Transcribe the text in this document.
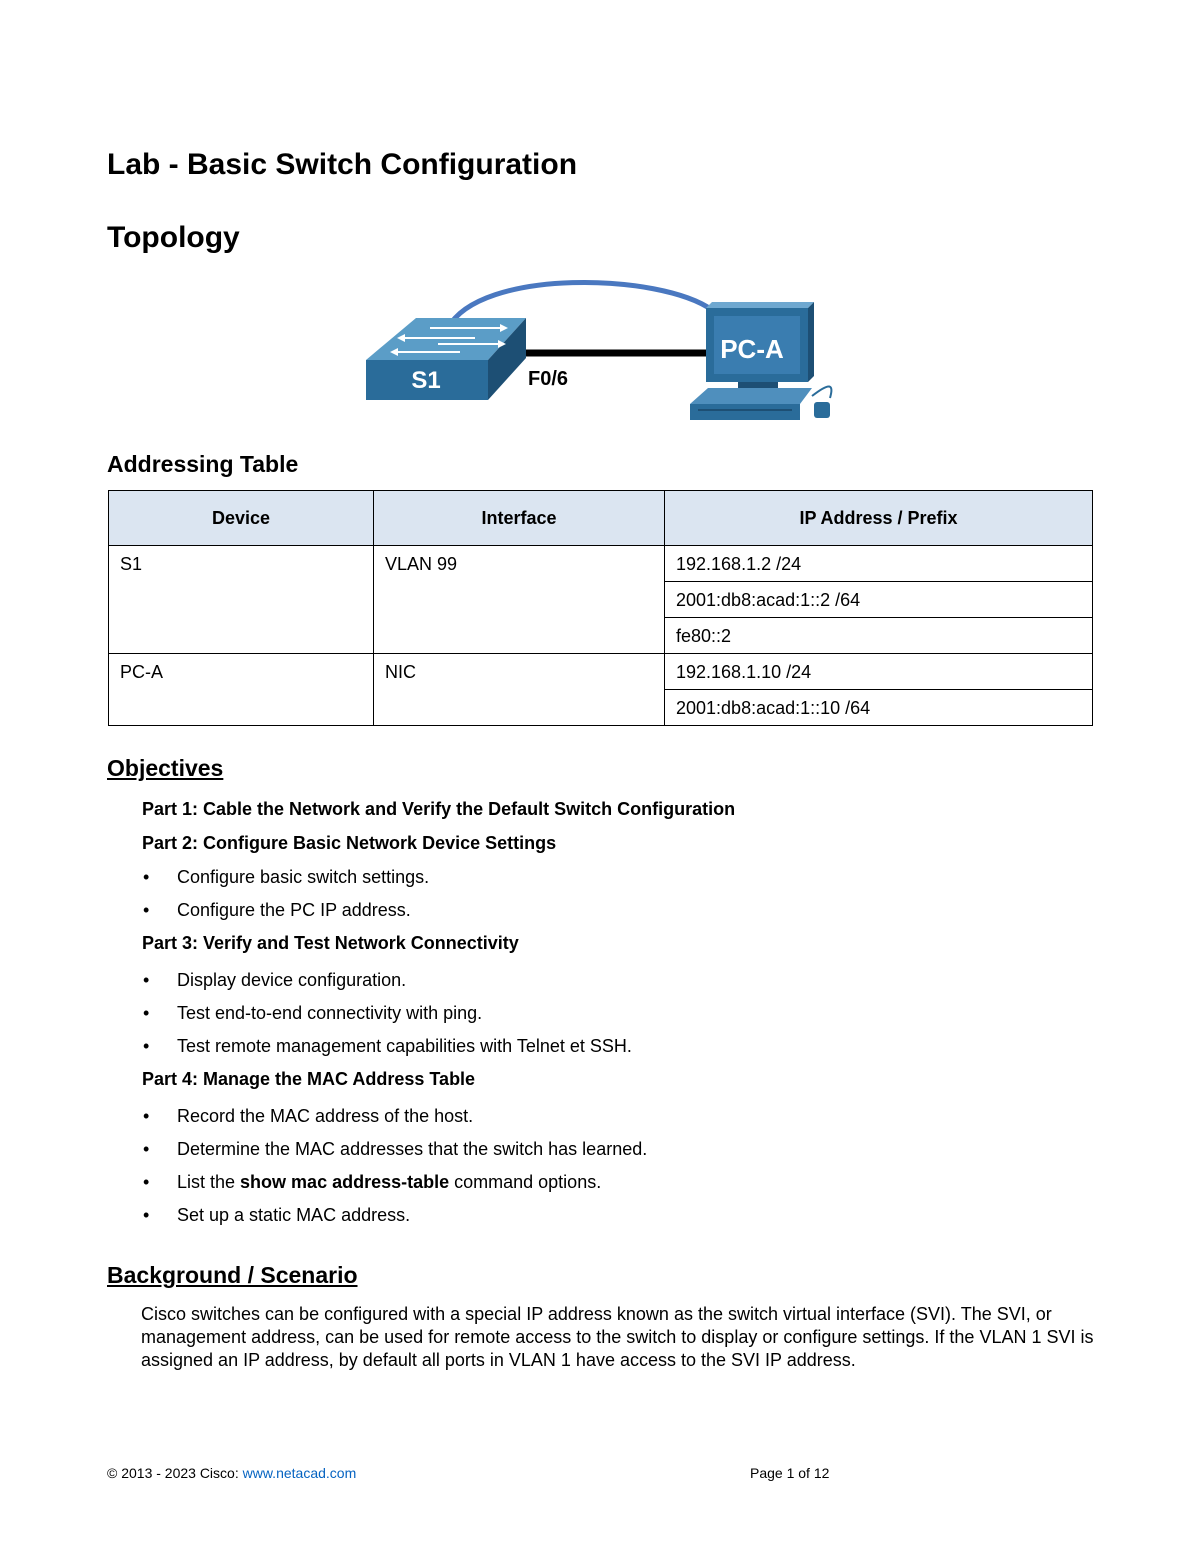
Lab - Basic Switch Configuration
Topology
S1	F0/6
PC-A
Addressing Table
Device	Interface	IP Address / Prefix
S1	VLAN 99	192.168.1.2 /24
		2001:db8:acad:1::2 /64
		fe80::2
PC-A	NIC	192.168.1.10 /24
		2001:db8:acad:1::10 /64
Objectives

Part 1: Cable the Network and Verify the Default Switch Configuration

Part 2: Configure Basic Network Device Settings

• Configure basic switch settings.

• Configure the PC IP address.

Part 3: Verify and Test Network Connectivity

• Display device configuration.

• Test end-to-end connectivity with ping.

• Test remote management capabilities with Telnet et SSH.

Part 4: Manage the MAC Address Table

• Record the MAC address of the host.

• Determine the MAC addresses that the switch has learned.

• List the show mac address-table command options.

• Set up a static MAC address.

Background / Scenario

Cisco switches can be configured with a special IP address known as the switch virtual interface (SVI). The SVI, or management address, can be used for remote access to the switch to display or configure settings. If the VLAN 1 SVI is assigned an IP address, by default all ports in VLAN 1 have access to the SVI IP address.

© 2013 - 2023 Cisco: www.netacad.com	Page 1 of 12
